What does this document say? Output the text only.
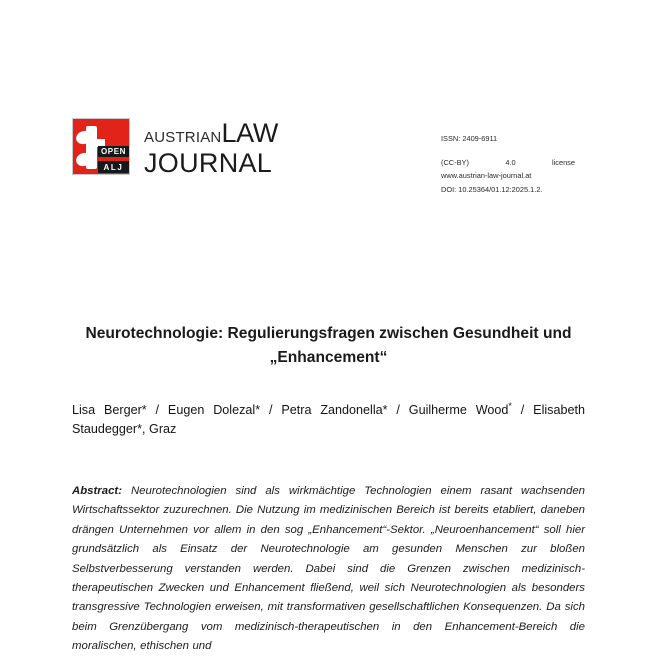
OPEN
ALJ
AUSTRIAN LAW
JOURNAL
ISSN: 2409-6911
(CC-BY)	4.0	license
www.austrian-law-journal.at
DOI: 10.25364/01.12:2025.1.2.
Neurotechnologie: Regulierungsfragen zwischen Gesundheit und „Enhancement“
Lisa Berger* / Eugen Dolezal* / Petra Zandonella* / Guilherme Wood* / Elisabeth Staudegger*, Graz
Abstract: Neurotechnologien sind als wirkmächtige Technologien einem rasant wachsenden Wirtschaftssektor zuzurechnen. Die Nutzung im medizinischen Bereich ist bereits etabliert, daneben drängen Unternehmen vor allem in den sog „Enhancement“-Sektor. „Neuroenhancement“ soll hier grundsätzlich als Einsatz der Neurotechnologie am gesunden Menschen zur bloßen Selbstverbesserung verstanden werden. Dabei sind die Grenzen zwischen medizinisch-therapeutischen Zwecken und Enhancement fließend, weil sich Neurotechnologien als besonders transgressive Technologien erweisen, mit transformativen gesellschaftlichen Konsequenzen. Da sich beim Grenzübergang vom medizinisch-therapeutischen in den Enhancement-Bereich die moralischen, ethischen und
